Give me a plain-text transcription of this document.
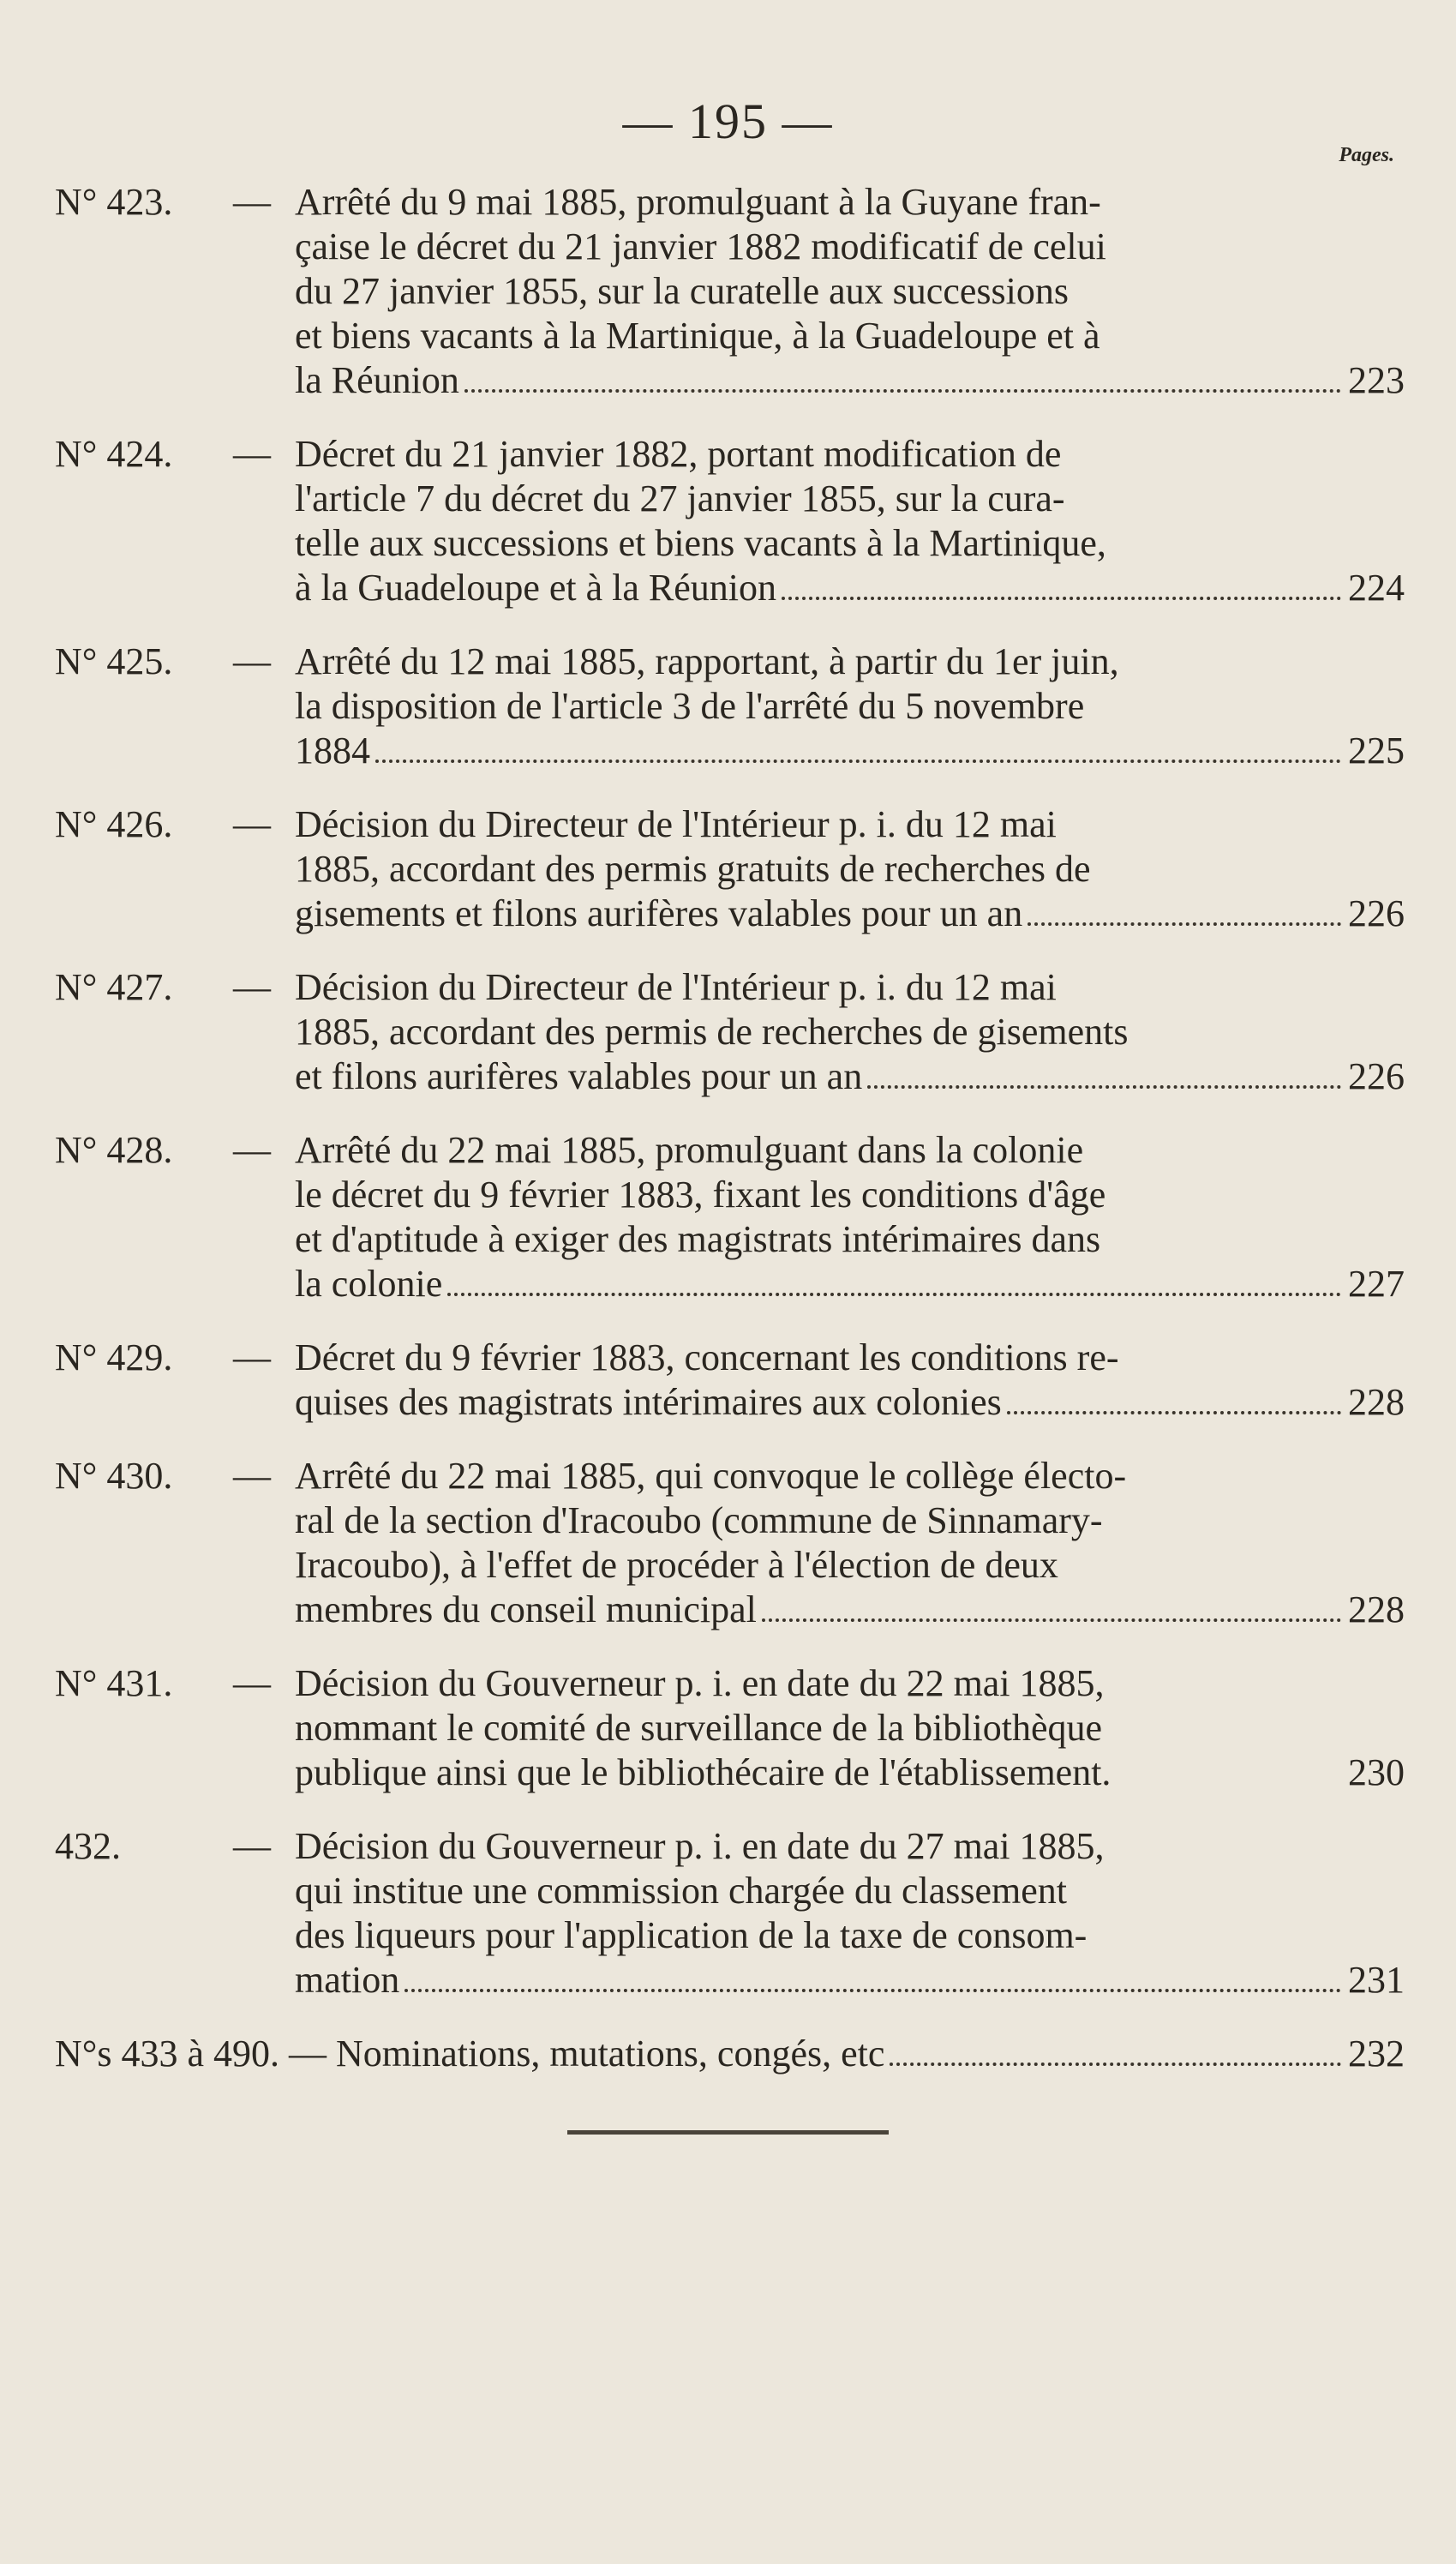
— 195 —
Pages.
N° 423.	— Arrêté du 9 mai 1885, promulguant à la Guyane fran-
çaise le décret du 21 janvier 1882 modificatif de celui
du 27 janvier 1855, sur la curatelle aux successions
et biens vacants à la Martinique, à la Guadeloupe et à
la Réunion	223
N° 424.	— Décret du 21 janvier 1882, portant modification de
l'article 7 du décret du 27 janvier 1855, sur la cura-
telle aux successions et biens vacants à la Martinique,
à la Guadeloupe et à la Réunion	224
N° 425.	— Arrêté du 12 mai 1885, rapportant, à partir du 1er juin,
la disposition de l'article 3 de l'arrêté du 5 novembre
1884	225
N° 426.	— Décision du Directeur de l'Intérieur p. i. du 12 mai
1885, accordant des permis gratuits de recherches de
gisements et filons aurifères valables pour un an	226
N° 427.	— Décision du Directeur de l'Intérieur p. i. du 12 mai
1885, accordant des permis de recherches de gisements
et filons aurifères valables pour un an	226
N° 428.	— Arrêté du 22 mai 1885, promulguant dans la colonie
le décret du 9 février 1883, fixant les conditions d'âge
et d'aptitude à exiger des magistrats intérimaires dans
la colonie	227
N° 429.	— Décret du 9 février 1883, concernant les conditions re-
quises des magistrats intérimaires aux colonies	228
N° 430.	— Arrêté du 22 mai 1885, qui convoque le collège électo-
ral de la section d'Iracoubo (commune de Sinnamary-
Iracoubo), à l'effet de procéder à l'élection de deux
membres du conseil municipal	228
N° 431.	— Décision du Gouverneur p. i. en date du 22 mai 1885,
nommant le comité de surveillance de la bibliothèque
publique ainsi que le bibliothécaire de l'établissement.	230
432.	— Décision du Gouverneur p. i. en date du 27 mai 1885,
qui institue une commission chargée du classement
des liqueurs pour l'application de la taxe de consom-
mation	231
N°s 433 à 490.
—
Nominations, mutations, congés, etc	232
